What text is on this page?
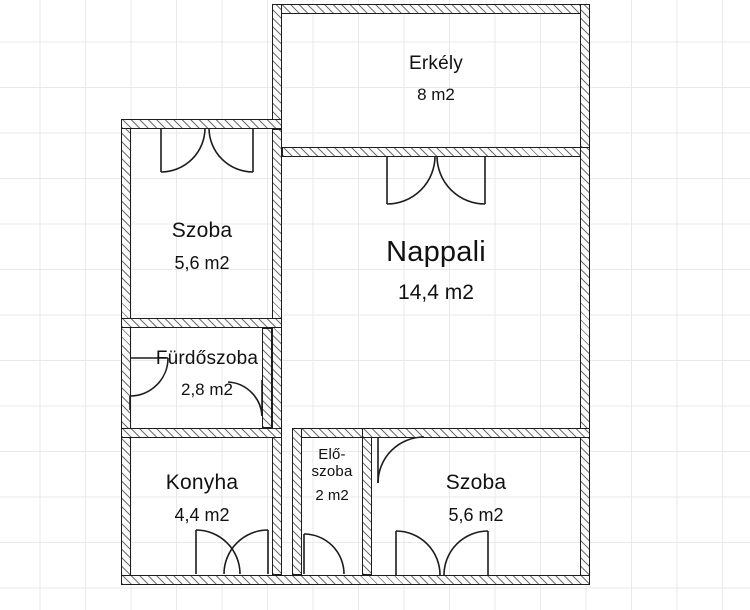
Erkély
8 m2
Szoba
5,6 m2	Nappali
14,4 m2
Fürdőszoba
2,8 m2
Konyha
4,4 m2
Elő-
szoba
2 m2
Szoba
5,6 m2
